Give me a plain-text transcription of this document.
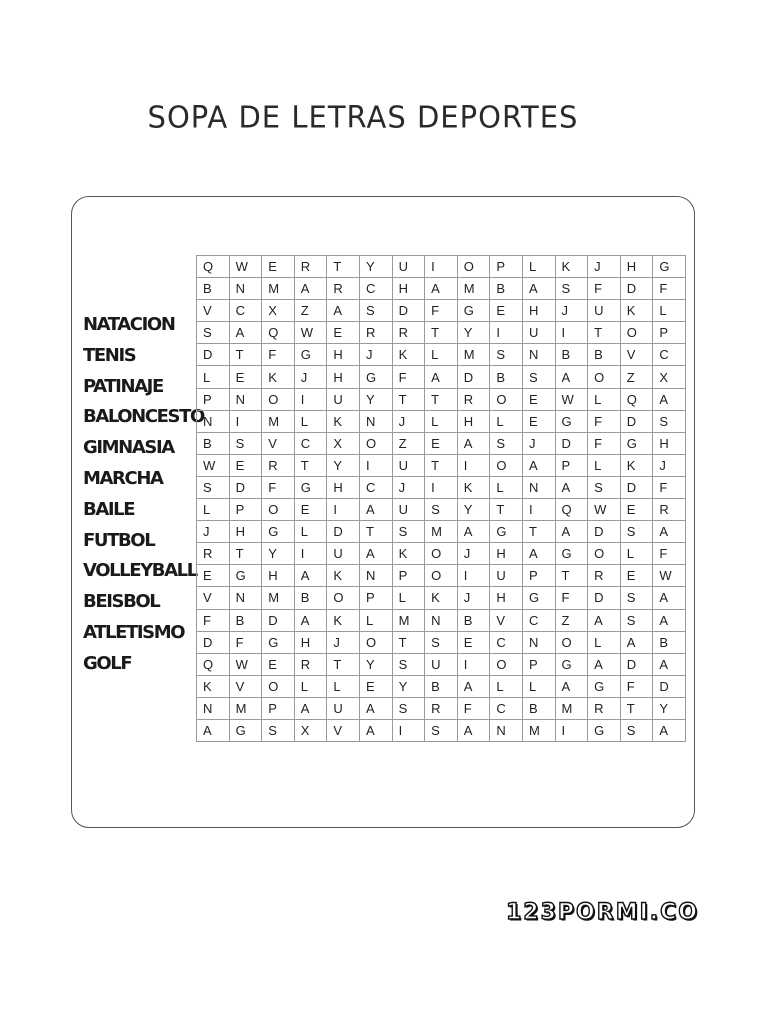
SOPA DE LETRAS DEPORTES
NATACION
TENIS
PATINAJE
BALONCESTO
GIMNASIA
MARCHA
BAILE
FUTBOL
VOLLEYBALL
BEISBOL
ATLETISMO
GOLF
Q	W	E	R	T	Y	U	I	O	P	L	K	J	H	G
B	N	M	A	R	C	H	A	M	B	A	S	F	D	F
V	C	X	Z	A	S	D	F	G	E	H	J	U	K	L
S	A	Q	W	E	R	R	T	Y	I	U	I	T	O	P
D	T	F	G	H	J	K	L	M	S	N	B	B	V	C
L	E	K	J	H	G	F	A	D	B	S	A	O	Z	X
P	N	O	I	U	Y	T	T	R	O	E	W	L	Q	A
N	I	M	L	K	N	J	L	H	L	E	G	F	D	S
B	S	V	C	X	O	Z	E	A	S	J	D	F	G	H
W	E	R	T	Y	I	U	T	I	O	A	P	L	K	J
S	D	F	G	H	C	J	I	K	L	N	A	S	D	F
L	P	O	E	I	A	U	S	Y	T	I	Q	W	E	R
J	H	G	L	D	T	S	M	A	G	T	A	D	S	A
R	T	Y	I	U	A	K	O	J	H	A	G	O	L	F
E	G	H	A	K	N	P	O	I	U	P	T	R	E	W
V	N	M	B	O	P	L	K	J	H	G	F	D	S	A
F	B	D	A	K	L	M	N	B	V	C	Z	A	S	A
D	F	G	H	J	O	T	S	E	C	N	O	L	A	B
Q	W	E	R	T	Y	S	U	I	O	P	G	A	D	A
K	V	O	L	L	E	Y	B	A	L	L	A	G	F	D
N	M	P	A	U	A	S	R	F	C	B	M	R	T	Y
A	G	S	X	V	A	I	S	A	N	M	I	G	S	A
123PORMI.CO
